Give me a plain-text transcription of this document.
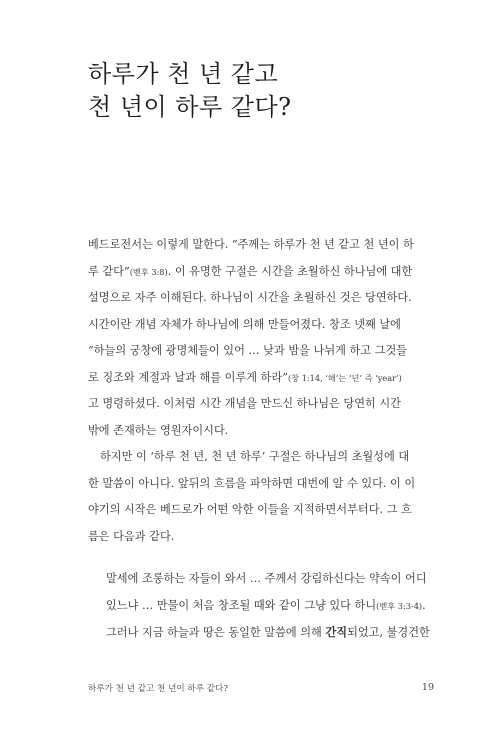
하루가 천 년 같고
천 년이 하루 같다?
베드로전서는 이렇게 말한다. “주께는 하루가 천 년 같고 천 년이 하
루 같다”(벧후 3:8). 이 유명한 구절은 시간을 초월하신 하나님에 대한
설명으로 자주 이해된다. 하나님이 시간을 초월하신 것은 당연하다.
시간이란 개념 자체가 하나님에 의해 만들어졌다. 창조 넷째 날에
“하늘의 궁창에 광명체들이 있어 … 낮과 밤을 나뉘게 하고 그것들
로 징조와 계절과 날과 해를 이루게 하라”(창 1:14, ‘해’는 ‘년’ 즉 ‘year’)
고 명령하셨다. 이처럼 시간 개념을 만드신 하나님은 당연히 시간
밖에 존재하는 영원자이시다.
하지만 이 ‘하루 천 년, 천 년 하루’ 구절은 하나님의 초월성에 대
한 말씀이 아니다. 앞뒤의 흐름을 파악하면 대번에 알 수 있다. 이 이
야기의 시작은 베드로가 어떤 악한 이들을 지적하면서부터다. 그 흐
름은 다음과 같다.
말세에 조롱하는 자들이 와서 … 주께서 강림하신다는 약속이 어디
있느냐 … 만물이 처음 창조될 때와 같이 그냥 있다 하니(벧후 3:3-4).
그러나 지금 하늘과 땅은 동일한 말씀에 의해 간직되었고, 불경건한
하루가 천 년 같고 천 년이 하루 같다?	19
